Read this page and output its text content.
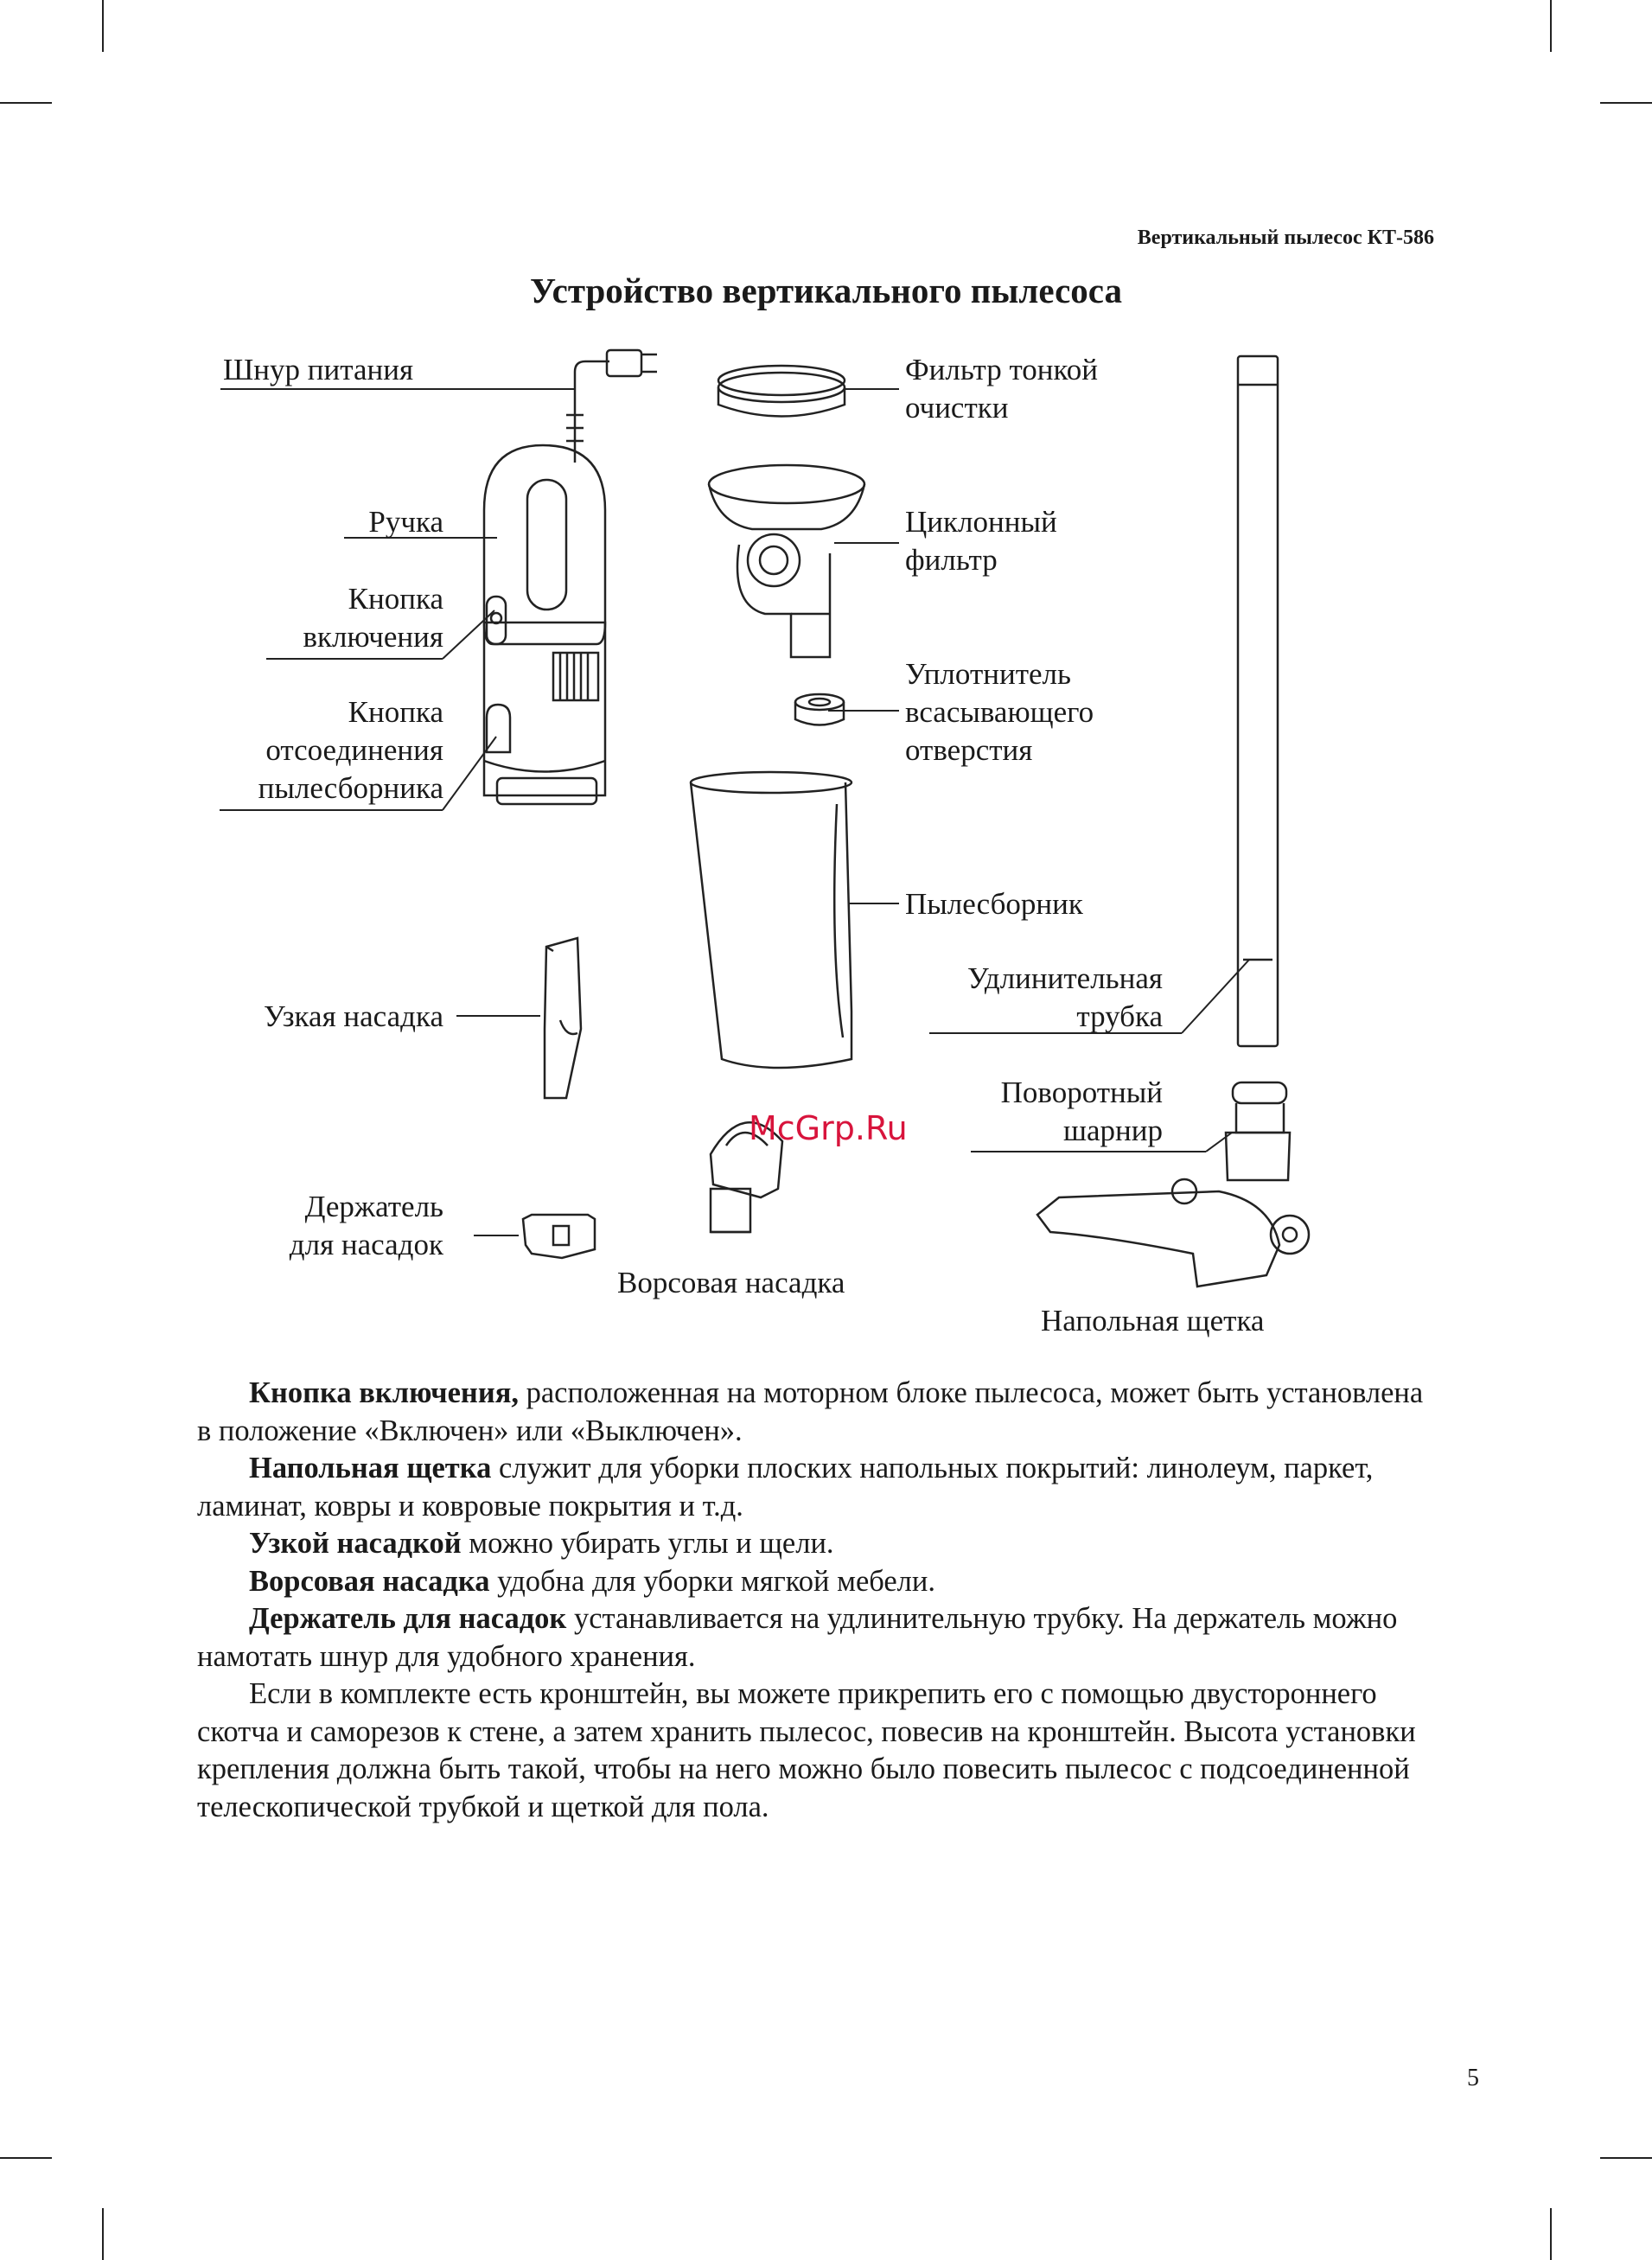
Вертикальный пылесос КТ-586
Устройство вертикального пылесоса
McGrp.Ru
Шнур питания
Ручка
Кнопка
включения
Кнопка
отсоединения
пылесборника
Узкая насадка
Держатель
для насадок
Фильтр тонкой
очистки
Циклонный
фильтр
Уплотнитель
всасывающего
отверстия
Пылесборник
Ворсовая насадка
Удлинительная
трубка
Поворотный
шарнир
Напольная щетка

Кнопка включения, расположенная на моторном блоке пылесоса, может быть установлена в положение «Включен» или «Выключен».

Напольная щетка служит для уборки плоских напольных покрытий: линолеум, паркет, ламинат, ковры и ковровые покрытия и т.д.

Узкой насадкой можно убирать углы и щели.

Ворсовая насадка удобна для уборки мягкой мебели.

Держатель для насадок устанавливается на удлинительную трубку. На держатель можно намотать шнур для удобного хранения.

Если в комплекте есть кронштейн, вы можете прикрепить его с помощью двустороннего скотча и саморезов к стене, а затем хранить пылесос, повесив на кронштейн. Высота установки крепления должна быть такой, чтобы на него можно было повесить пылесос с подсоединенной телескопической трубкой и щеткой для пола.

5
